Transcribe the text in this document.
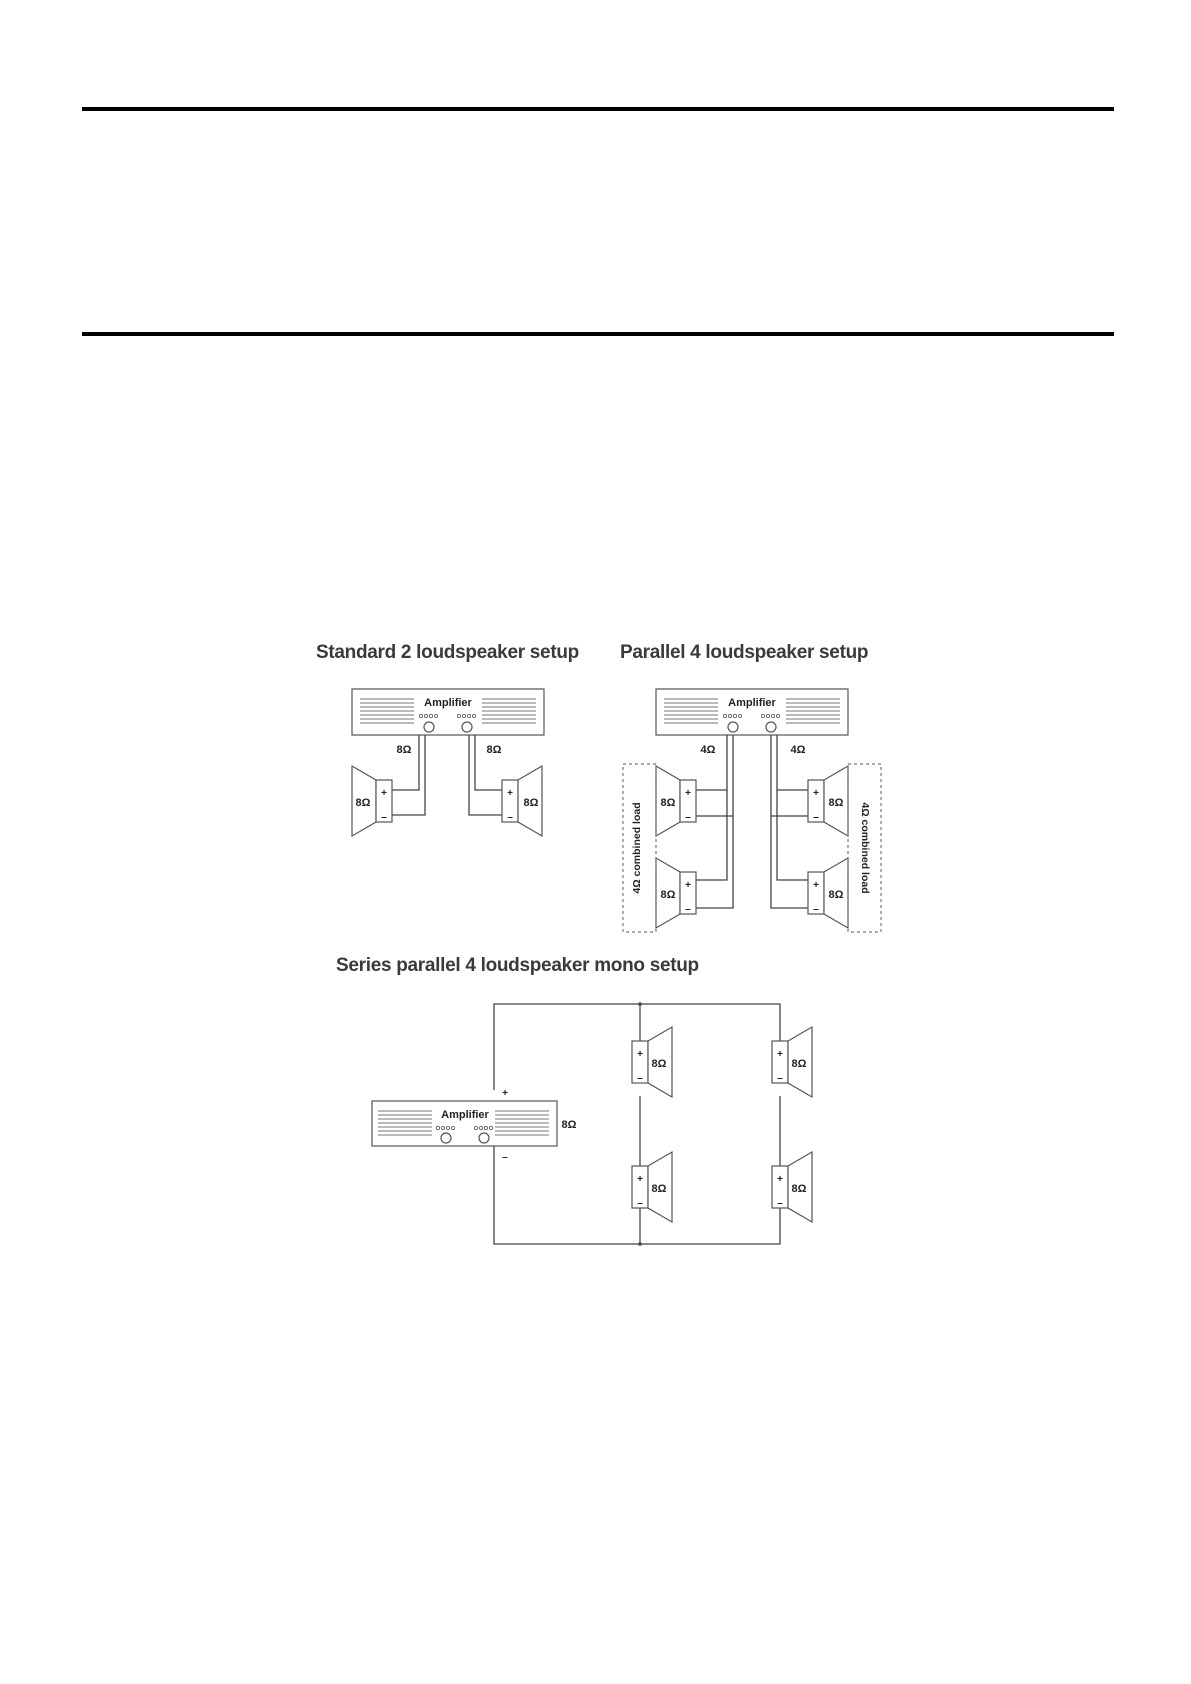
Standard 2 loudspeaker setup
Amplifier
8Ω	8Ω
8Ω
+
–
8Ω
+
–
Parallel 4 loudspeaker setup
Amplifier
4Ω	4Ω
8Ω
+
–
8Ω
+
–
8Ω
+
–
8Ω
+
–
4Ω combined load	4Ω combined load
Series parallel 4 loudspeaker mono setup
+
–
Amplifier
8Ω
+
–
8Ω
+
–
8Ω
+
–
8Ω
+
–
8Ω
